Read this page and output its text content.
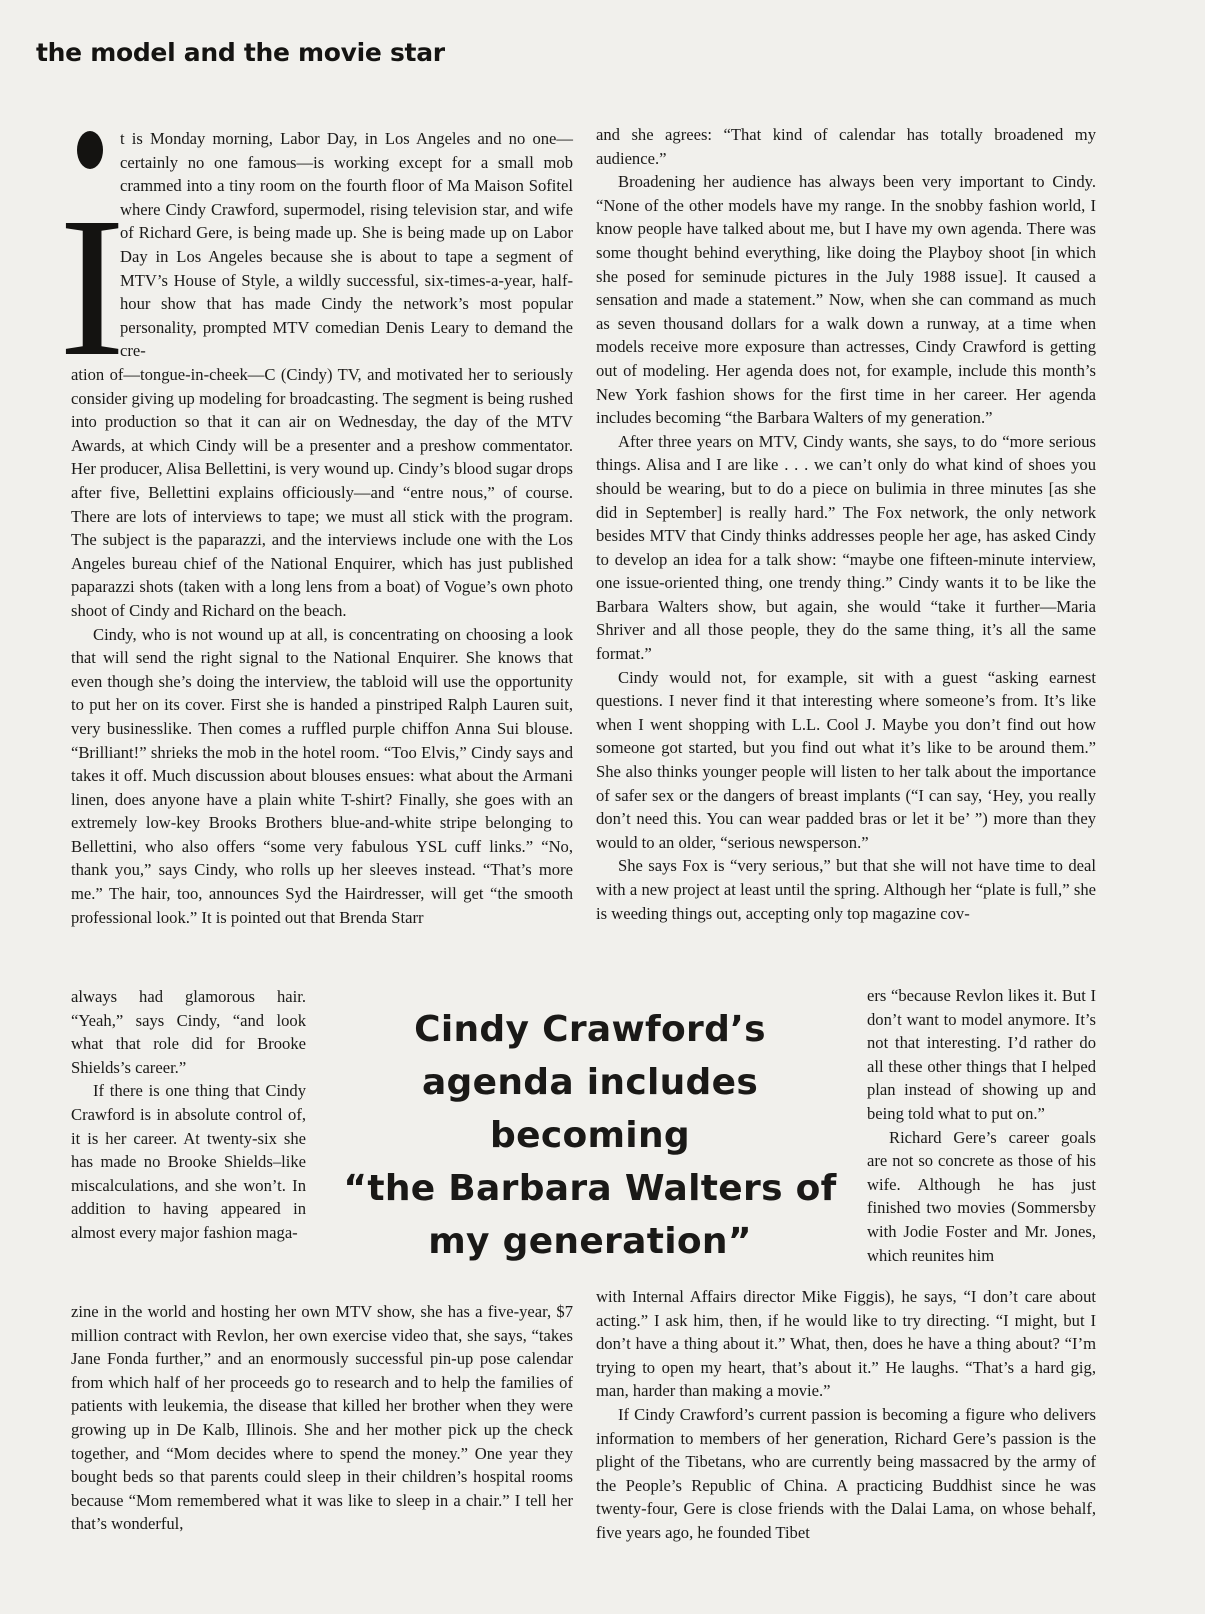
the model and the movie star
I

t is Monday morning, Labor Day, in Los Angeles and no one—certainly no one famous—is working except for a small mob crammed into a tiny room on the fourth floor of Ma Maison Sofitel where Cindy Crawford, supermodel, rising television star, and wife of Richard Gere, is being made up. She is being made up on Labor Day in Los Angeles because she is about to tape a segment of MTV’s House of Style, a wildly successful, six-times-a-year, half-hour show that has made Cindy the network’s most popular personality, prompted MTV comedian Denis Leary to demand the cre-

ation of—tongue-in-cheek—C (Cindy) TV, and motivated her to seriously consider giving up modeling for broadcasting. The segment is being rushed into production so that it can air on Wednesday, the day of the MTV Awards, at which Cindy will be a presenter and a preshow commentator. Her producer, Alisa Bellettini, is very wound up. Cindy’s blood sugar drops after five, Bellettini explains officiously—and “entre nous,” of course. There are lots of interviews to tape; we must all stick with the program. The subject is the paparazzi, and the interviews include one with the Los Angeles bureau chief of the National Enquirer, which has just published paparazzi shots (taken with a long lens from a boat) of Vogue’s own photo shoot of Cindy and Richard on the beach.

Cindy, who is not wound up at all, is concentrating on choosing a look that will send the right signal to the National Enquirer. She knows that even though she’s doing the interview, the tabloid will use the opportunity to put her on its cover. First she is handed a pinstriped Ralph Lauren suit, very businesslike. Then comes a ruffled purple chiffon Anna Sui blouse. “Brilliant!” shrieks the mob in the hotel room. “Too Elvis,” Cindy says and takes it off. Much discussion about blouses ensues: what about the Armani linen, does anyone have a plain white T-shirt? Finally, she goes with an extremely low-key Brooks Brothers blue-and-white stripe belonging to Bellettini, who also offers “some very fabulous YSL cuff links.” “No, thank you,” says Cindy, who rolls up her sleeves instead. “That’s more me.” The hair, too, announces Syd the Hairdresser, will get “the smooth professional look.” It is pointed out that Brenda Starr

always had glamorous hair. “Yeah,” says Cindy, “and look what that role did for Brooke Shields’s career.”

If there is one thing that Cindy Crawford is in absolute control of, it is her career. At twenty-six she has made no Brooke Shields–like miscalculations, and she won’t. In addition to having appeared in almost every major fashion maga-

zine in the world and hosting her own MTV show, she has a five-year, $7 million contract with Revlon, her own exercise video that, she says, “takes Jane Fonda further,” and an enormously successful pin-up pose calendar from which half of her proceeds go to research and to help the families of patients with leukemia, the disease that killed her brother when they were growing up in De Kalb, Illinois. She and her mother pick up the check together, and “Mom decides where to spend the money.” One year they bought beds so that parents could sleep in their children’s hospital rooms because “Mom remembered what it was like to sleep in a chair.” I tell her that’s wonderful,

and she agrees: “That kind of calendar has totally broadened my audience.”

Broadening her audience has always been very important to Cindy. “None of the other models have my range. In the snobby fashion world, I know people have talked about me, but I have my own agenda. There was some thought behind everything, like doing the Playboy shoot [in which she posed for seminude pictures in the July 1988 issue]. It caused a sensation and made a statement.” Now, when she can command as much as seven thousand dollars for a walk down a runway, at a time when models receive more exposure than actresses, Cindy Crawford is getting out of modeling. Her agenda does not, for example, include this month’s New York fashion shows for the first time in her career. Her agenda includes becoming “the Barbara Walters of my generation.”

After three years on MTV, Cindy wants, she says, to do “more serious things. Alisa and I are like . . . we can’t only do what kind of shoes you should be wearing, but to do a piece on bulimia in three minutes [as she did in September] is really hard.” The Fox network, the only network besides MTV that Cindy thinks addresses people her age, has asked Cindy to develop an idea for a talk show: “maybe one fifteen-minute interview, one issue-oriented thing, one trendy thing.” Cindy wants it to be like the Barbara Walters show, but again, she would “take it further—Maria Shriver and all those people, they do the same thing, it’s all the same format.”

Cindy would not, for example, sit with a guest “asking earnest questions. I never find it that interesting where someone’s from. It’s like when I went shopping with L.L. Cool J. Maybe you don’t find out how someone got started, but you find out what it’s like to be around them.” She also thinks younger people will listen to her talk about the importance of safer sex or the dangers of breast implants (“I can say, ‘Hey, you really don’t need this. You can wear padded bras or let it be’ ”) more than they would to an older, “serious newsperson.”

She says Fox is “very serious,” but that she will not have time to deal with a new project at least until the spring. Although her “plate is full,” she is weeding things out, accepting only top magazine cov-

ers “because Revlon likes it. But I don’t want to model anymore. It’s not that interesting. I’d rather do all these other things that I helped plan instead of showing up and being told what to put on.”

Richard Gere’s career goals are not so concrete as those of his wife. Although he has just finished two movies (Sommersby with Jodie Foster and Mr. Jones, which reunites him

with Internal Affairs director Mike Figgis), he says, “I don’t care about acting.” I ask him, then, if he would like to try directing. “I might, but I don’t have a thing about it.” What, then, does he have a thing about? “I’m trying to open my heart, that’s about it.” He laughs. “That’s a hard gig, man, harder than making a movie.”

If Cindy Crawford’s current passion is becoming a figure who delivers information to members of her generation, Richard Gere’s passion is the plight of the Tibetans, who are currently being massacred by the army of the People’s Republic of China. A practicing Buddhist since he was twenty-four, Gere is close friends with the Dalai Lama, on whose behalf, five years ago, he founded Tibet

Cindy Crawford’s
agenda includes
becoming
“the Barbara Walters of
my generation”
